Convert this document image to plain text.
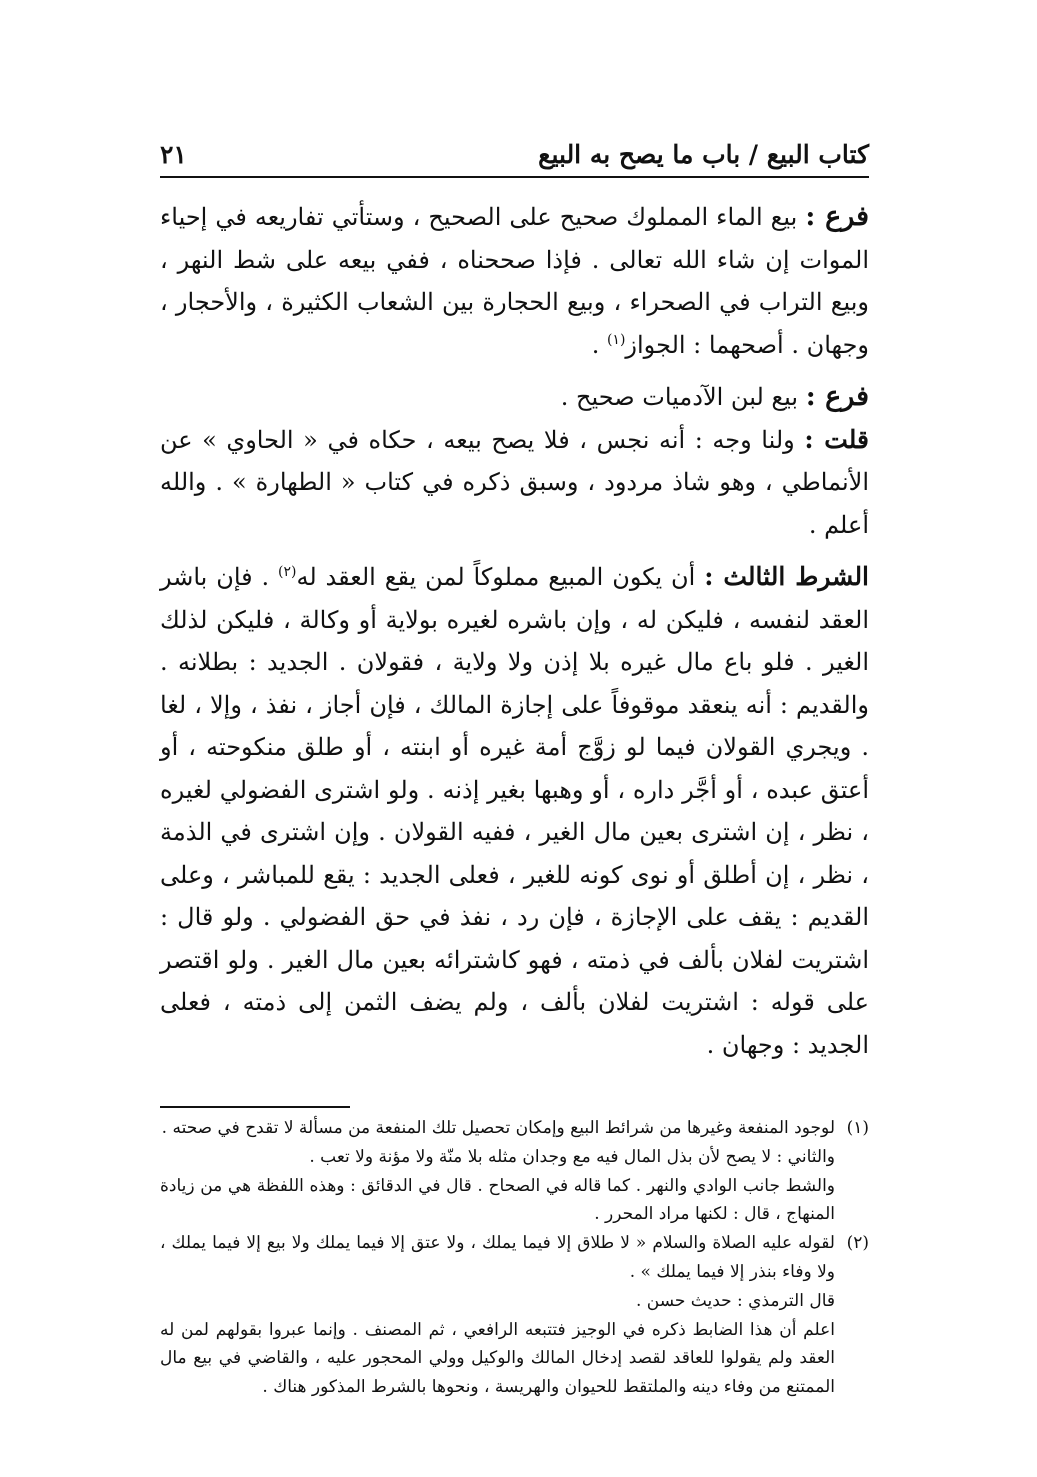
كتاب البيع / باب ما يصح به البيع
٢١

فرع : بيع الماء المملوك صحيح على الصحيح ، وستأتي تفاريعه في إحياء الموات إن شاء الله تعالى . فإذا صححناه ، ففي بيعه على شط النهر ، وبيع التراب في الصحراء ، وبيع الحجارة بين الشعاب الكثيرة ، والأحجار ، وجهان . أصحهما : الجواز$^{(١)}$ .

فرع : بيع لبن الآدميات صحيح .

قلت : ولنا وجه : أنه نجس ، فلا يصح بيعه ، حكاه في « الحاوي » عن الأنماطي ، وهو شاذ مردود ، وسبق ذكره في كتاب « الطهارة » . والله أعلم .

الشرط الثالث : أن يكون المبيع مملوكاً لمن يقع العقد له$^{(٢)}$ . فإن باشر العقد لنفسه ، فليكن له ، وإن باشره لغيره بولاية أو وكالة ، فليكن لذلك الغير . فلو باع مال غيره بلا إذن ولا ولاية ، فقولان . الجديد : بطلانه . والقديم : أنه ينعقد موقوفاً على إجازة المالك ، فإن أجاز ، نفذ ، وإلا ، لغا . ويجري القولان فيما لو زوَّج أمة غيره أو ابنته ، أو طلق منكوحته ، أو أعتق عبده ، أو أجَّر داره ، أو وهبها بغير إذنه . ولو اشترى الفضولي لغيره ، نظر ، إن اشترى بعين مال الغير ، ففيه القولان . وإن اشترى في الذمة ، نظر ، إن أطلق أو نوى كونه للغير ، فعلى الجديد : يقع للمباشر ، وعلى القديم : يقف على الإجازة ، فإن رد ، نفذ في حق الفضولي . ولو قال : اشتريت لفلان بألف في ذمته ، فهو كاشترائه بعين مال الغير . ولو اقتصر على قوله : اشتريت لفلان بألف ، ولم يضف الثمن إلى ذمته ، فعلى الجديد : وجهان .

(١)
لوجود المنفعة وغيرها من شرائط البيع وإمكان تحصيل تلك المنفعة من مسألة لا تقدح في صحته .
والثاني : لا يصح لأن بذل المال فيه مع وجدان مثله بلا منّة ولا مؤنة ولا تعب .
والشط جانب الوادي والنهر . كما قاله في الصحاح . قال في الدقائق : وهذه اللفظة هي من زيادة المنهاج ، قال : لكنها مراد المحرر .
(٢)
لقوله عليه الصلاة والسلام « لا طلاق إلا فيما يملك ، ولا عتق إلا فيما يملك ولا بيع إلا فيما يملك ، ولا وفاء بنذر إلا فيما يملك » .
قال الترمذي : حديث حسن .
اعلم أن هذا الضابط ذكره في الوجيز فتتبعه الرافعي ، ثم المصنف . وإنما عبروا بقولهم لمن له العقد ولم يقولوا للعاقد لقصد إدخال المالك والوكيل وولي المحجور عليه ، والقاضي في بيع مال الممتنع من وفاء دينه والملتقط للحيوان والهريسة ، ونحوها بالشرط المذكور هناك .
